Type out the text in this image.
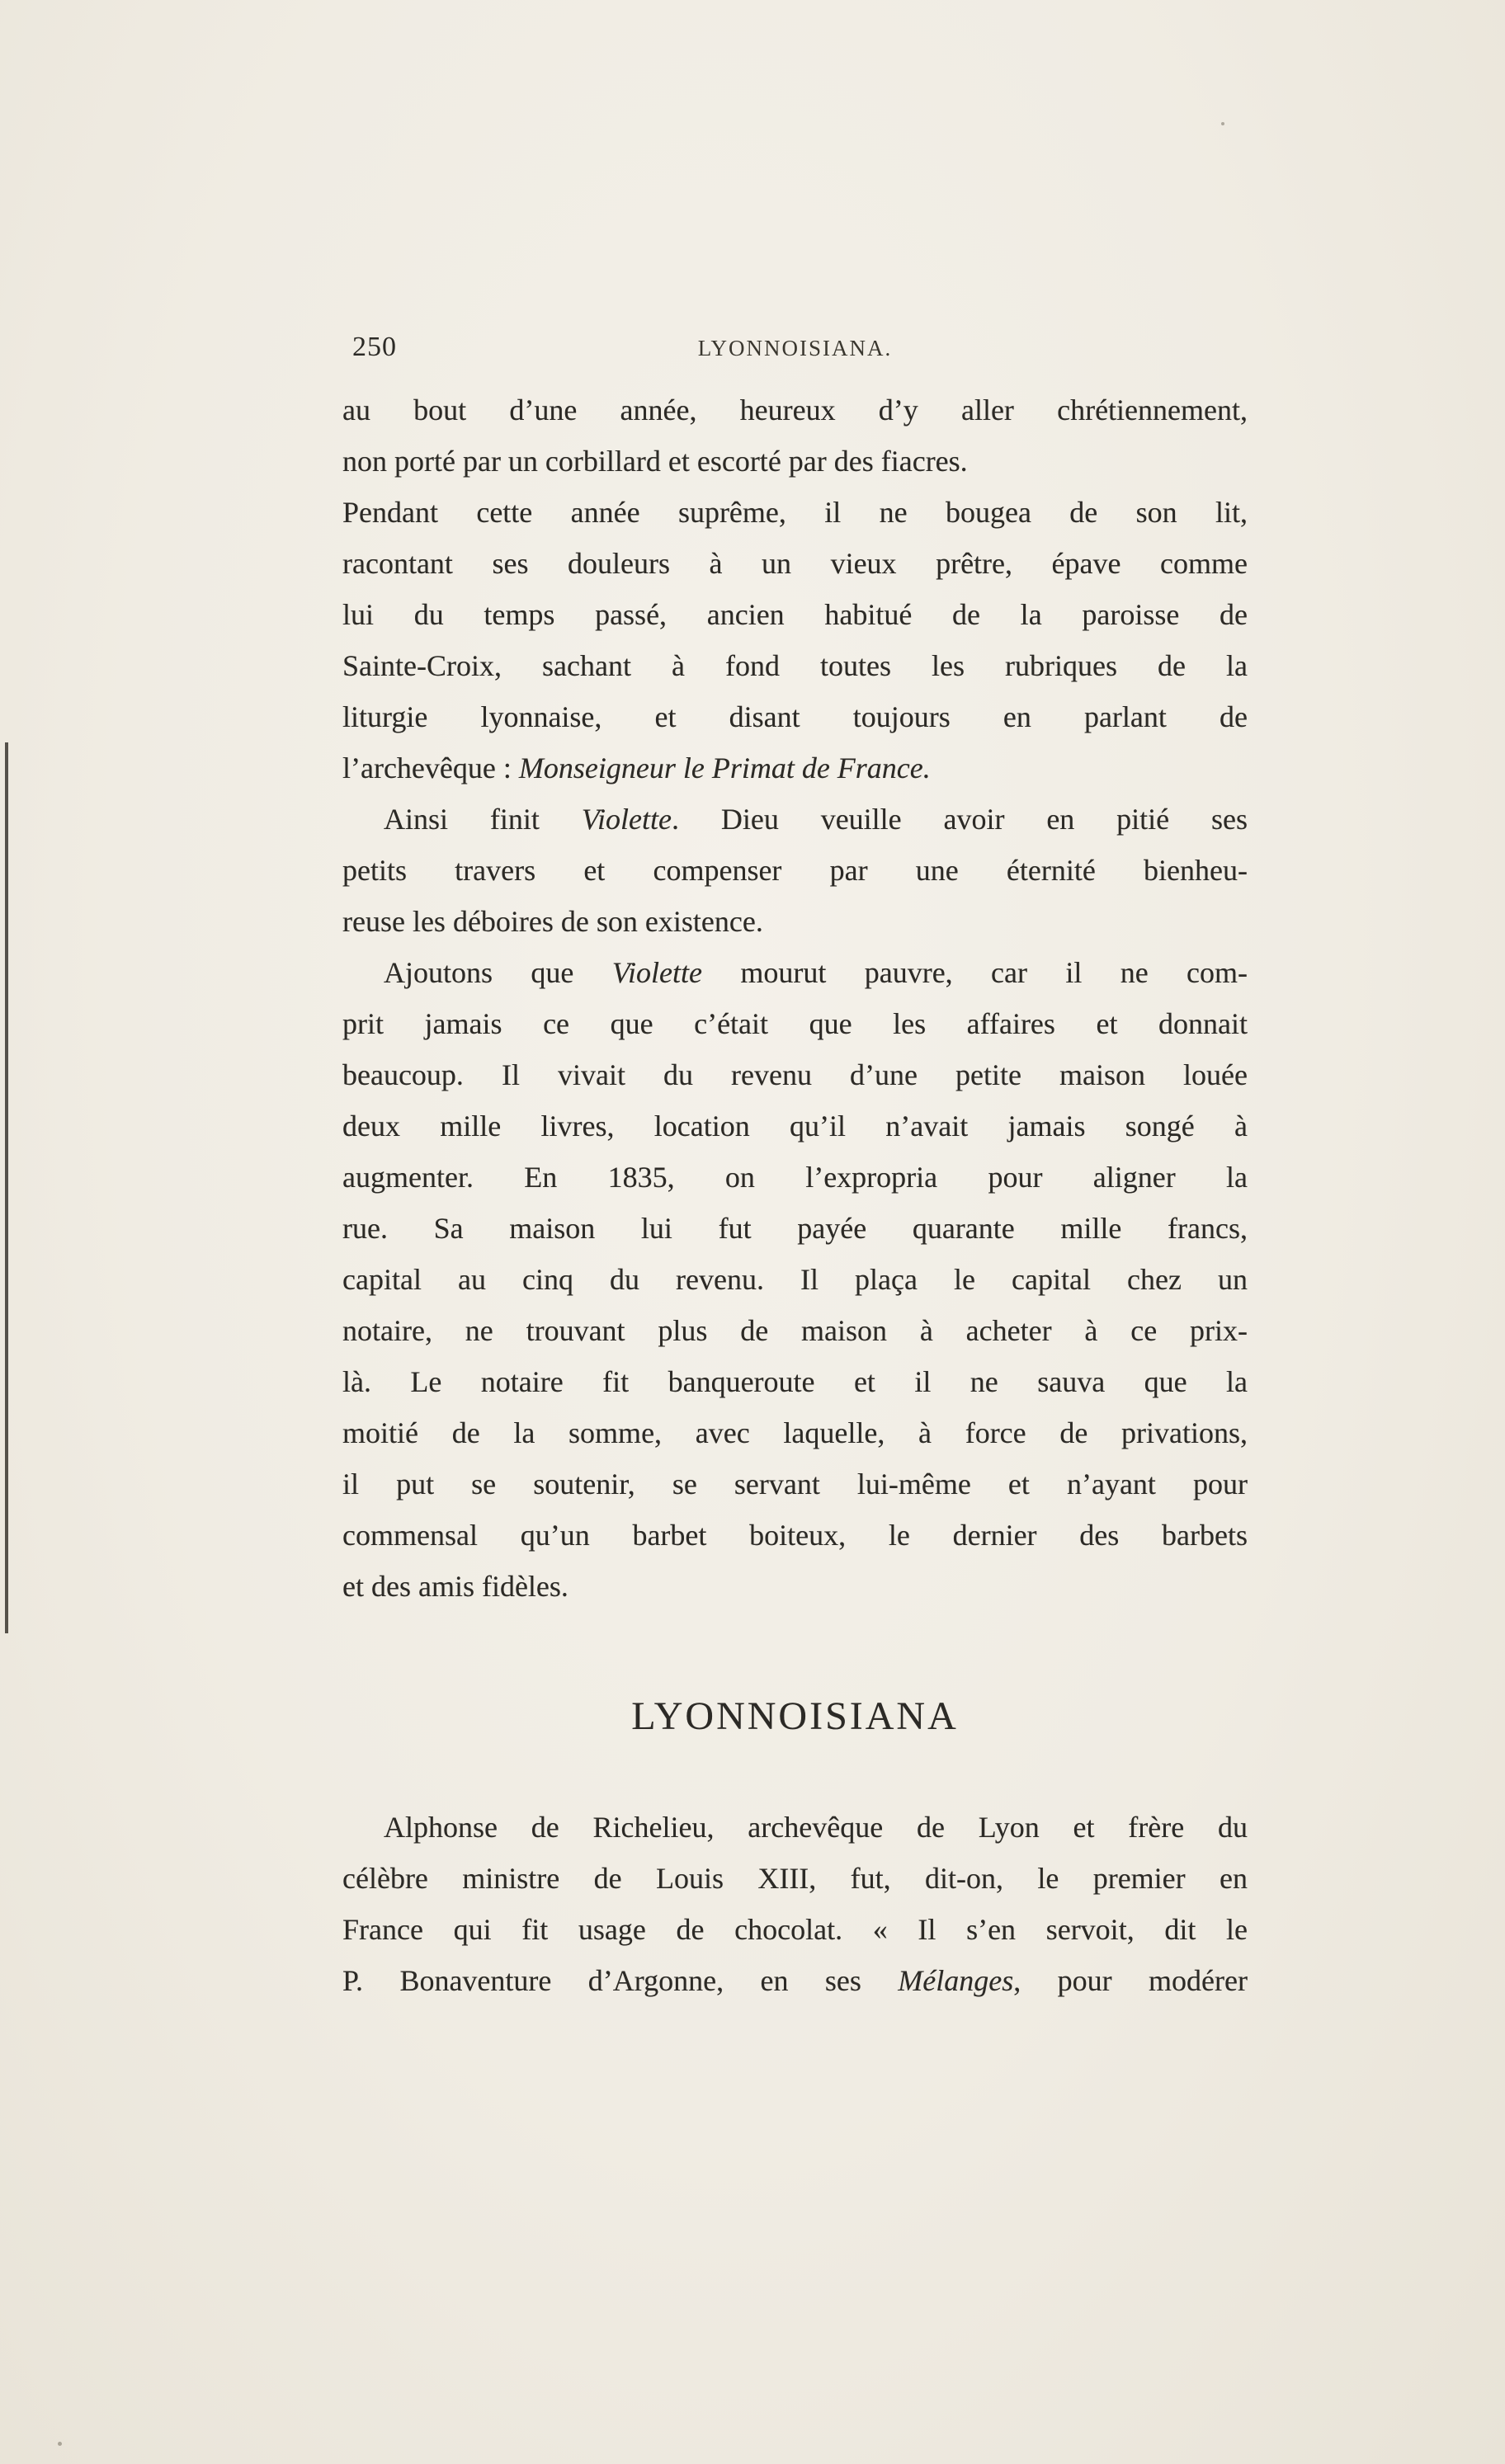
250	LYONNOISIANA.
au bout d’une année, heureux d’y aller chrétiennement,
non porté par un corbillard et escorté par des fiacres.
Pendant cette année suprême, il ne bougea de son lit,
racontant ses douleurs à un vieux prêtre, épave comme
lui du temps passé, ancien habitué de la paroisse de
Sainte-Croix, sachant à fond toutes les rubriques de la
liturgie lyonnaise, et disant toujours en parlant de
l’archevêque : Monseigneur le Primat de France.
Ainsi finit Violette. Dieu veuille avoir en pitié ses
petits travers et compenser par une éternité bienheu-
reuse les déboires de son existence.
Ajoutons que Violette mourut pauvre, car il ne com-
prit jamais ce que c’était que les affaires et donnait
beaucoup. Il vivait du revenu d’une petite maison louée
deux mille livres, location qu’il n’avait jamais songé à
augmenter. En 1835, on l’expropria pour aligner la
rue. Sa maison lui fut payée quarante mille francs,
capital au cinq du revenu. Il plaça le capital chez un
notaire, ne trouvant plus de maison à acheter à ce prix-
là. Le notaire fit banqueroute et il ne sauva que la
moitié de la somme, avec laquelle, à force de privations,
il put se soutenir, se servant lui-même et n’ayant pour
commensal qu’un barbet boiteux, le dernier des barbets
et des amis fidèles.
LYONNOISIANA
Alphonse de Richelieu, archevêque de Lyon et frère du
célèbre ministre de Louis XIII, fut, dit-on, le premier en
France qui fit usage de chocolat. « Il s’en servoit, dit le
P. Bonaventure d’Argonne, en ses Mélanges, pour modérer
